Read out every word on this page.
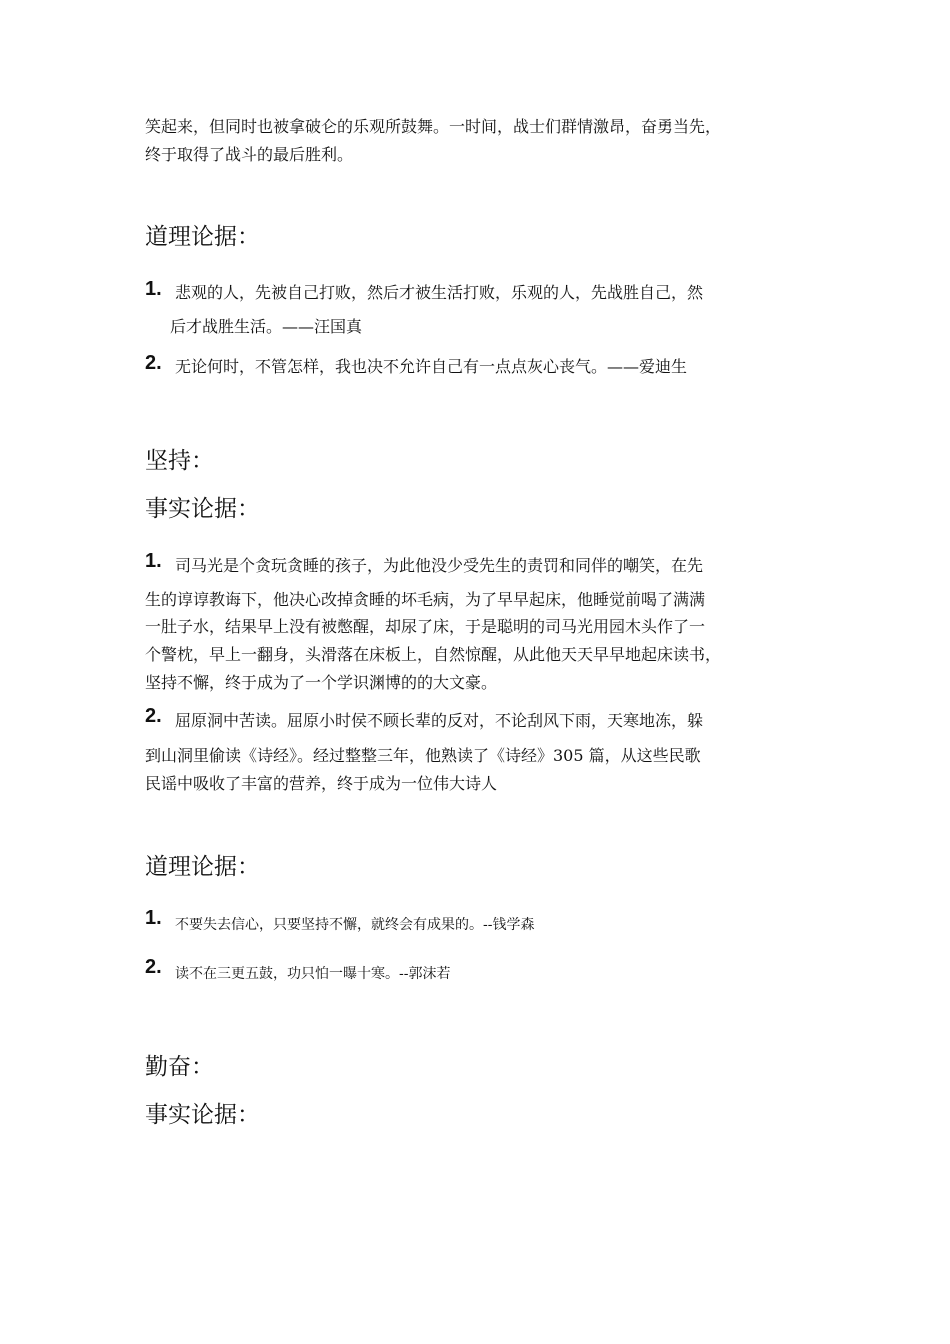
笑起来，但同时也被拿破仑的乐观所鼓舞。一时间，战士们群情激昂，奋勇当先，
终于取得了战斗的最后胜利。
道理论据：
1. 悲观的人，先被自己打败，然后才被生活打败，乐观的人，先战胜自己，然
后才战胜生活。——汪国真
2. 无论何时，不管怎样，我也决不允许自己有一点点灰心丧气。——爱迪生
坚持：
事实论据：
1. 司马光是个贪玩贪睡的孩子，为此他没少受先生的责罚和同伴的嘲笑，在先
生的谆谆教诲下，他决心改掉贪睡的坏毛病，为了早早起床，他睡觉前喝了满满
一肚子水，结果早上没有被憋醒，却尿了床，于是聪明的司马光用园木头作了一
个警枕，早上一翻身，头滑落在床板上，自然惊醒，从此他天天早早地起床读书，
坚持不懈，终于成为了一个学识渊博的的大文豪。
2. 屈原洞中苦读。屈原小时侯不顾长辈的反对，不论刮风下雨，天寒地冻，躲
到山洞里偷读《诗经》。经过整整三年，他熟读了《诗经》305 篇，从这些民歌
民谣中吸收了丰富的营养，终于成为一位伟大诗人
道理论据：
1. 不要失去信心，只要坚持不懈，就终会有成果的。--钱学森
2. 读不在三更五鼓，功只怕一曝十寒。--郭沫若
勤奋：
事实论据：
